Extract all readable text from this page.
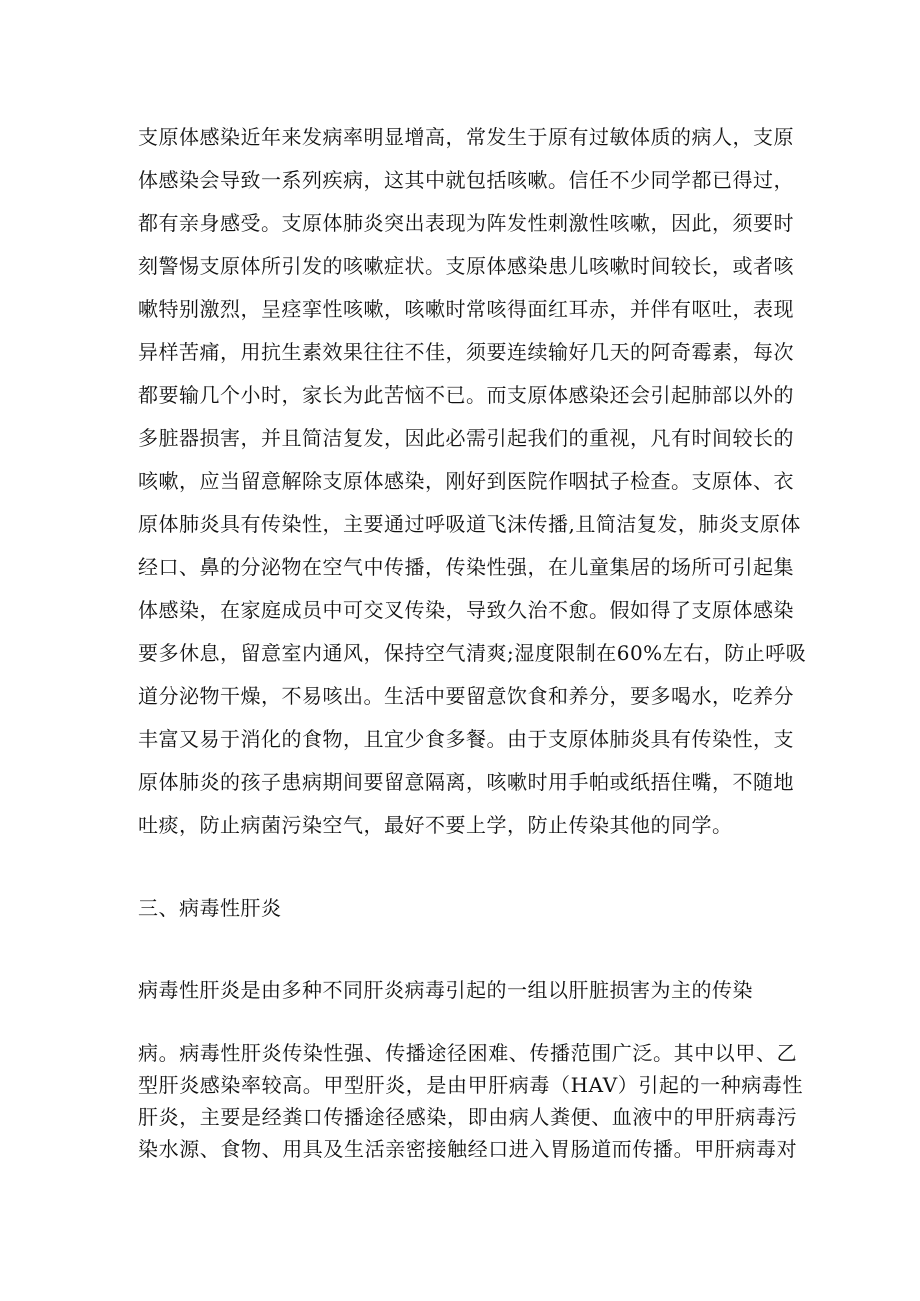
支原体感染近年来发病率明显增高，常发生于原有过敏体质的病人，支原
体感染会导致一系列疾病，这其中就包括咳嗽。信任不少同学都已得过，
都有亲身感受。支原体肺炎突出表现为阵发性刺激性咳嗽，因此，须要时
刻警惕支原体所引发的咳嗽症状。支原体感染患儿咳嗽时间较长，或者咳
嗽特别激烈，呈痉挛性咳嗽，咳嗽时常咳得面红耳赤，并伴有呕吐，表现
异样苦痛，用抗生素效果往往不佳，须要连续输好几天的阿奇霉素，每次
都要输几个小时，家长为此苦恼不已。而支原体感染还会引起肺部以外的
多脏器损害，并且简洁复发，因此必需引起我们的重视，凡有时间较长的
咳嗽，应当留意解除支原体感染，刚好到医院作咽拭子检查。支原体、衣
原体肺炎具有传染性，主要通过呼吸道飞沫传播,且简洁复发，肺炎支原体
经口、鼻的分泌物在空气中传播，传染性强，在儿童集居的场所可引起集
体感染，在家庭成员中可交叉传染，导致久治不愈。假如得了支原体感染
要多休息，留意室内通风，保持空气清爽;湿度限制在60%左右，防止呼吸
道分泌物干燥，不易咳出。生活中要留意饮食和养分，要多喝水，吃养分
丰富又易于消化的食物，且宜少食多餐。由于支原体肺炎具有传染性，支
原体肺炎的孩子患病期间要留意隔离，咳嗽时用手帕或纸捂住嘴，不随地
吐痰，防止病菌污染空气，最好不要上学，防止传染其他的同学。
三、病毒性肝炎
病毒性肝炎是由多种不同肝炎病毒引起的一组以肝脏损害为主的传染
病。病毒性肝炎传染性强、传播途径困难、传播范围广泛。其中以甲、乙
型肝炎感染率较高。甲型肝炎，是由甲肝病毒（HAV）引起的一种病毒性
肝炎，主要是经粪口传播途径感染，即由病人粪便、血液中的甲肝病毒污
染水源、食物、用具及生活亲密接触经口进入胃肠道而传播。甲肝病毒对
